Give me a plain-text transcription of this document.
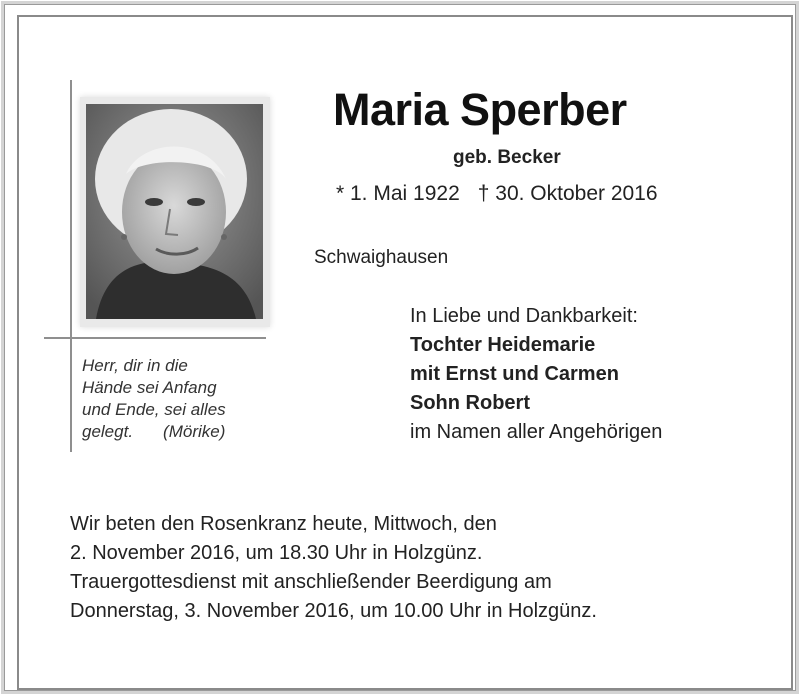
Herr, dir in die
Hände sei Anfang
und Ende, sei alles
gelegt. (Mörike)
Maria Sperber
geb. Becker
* 1. Mai 1922 † 30. Oktober 2016
Schwaighausen
In Liebe und Dankbarkeit:
Tochter Heidemarie
mit Ernst und Carmen
Sohn Robert
im Namen aller Angehörigen
Wir beten den Rosenkranz heute, Mittwoch, den
2. November 2016, um 18.30 Uhr in Holzgünz.
Trauergottesdienst mit anschließender Beerdigung am
Donnerstag, 3. November 2016, um 10.00 Uhr in Holzgünz.
